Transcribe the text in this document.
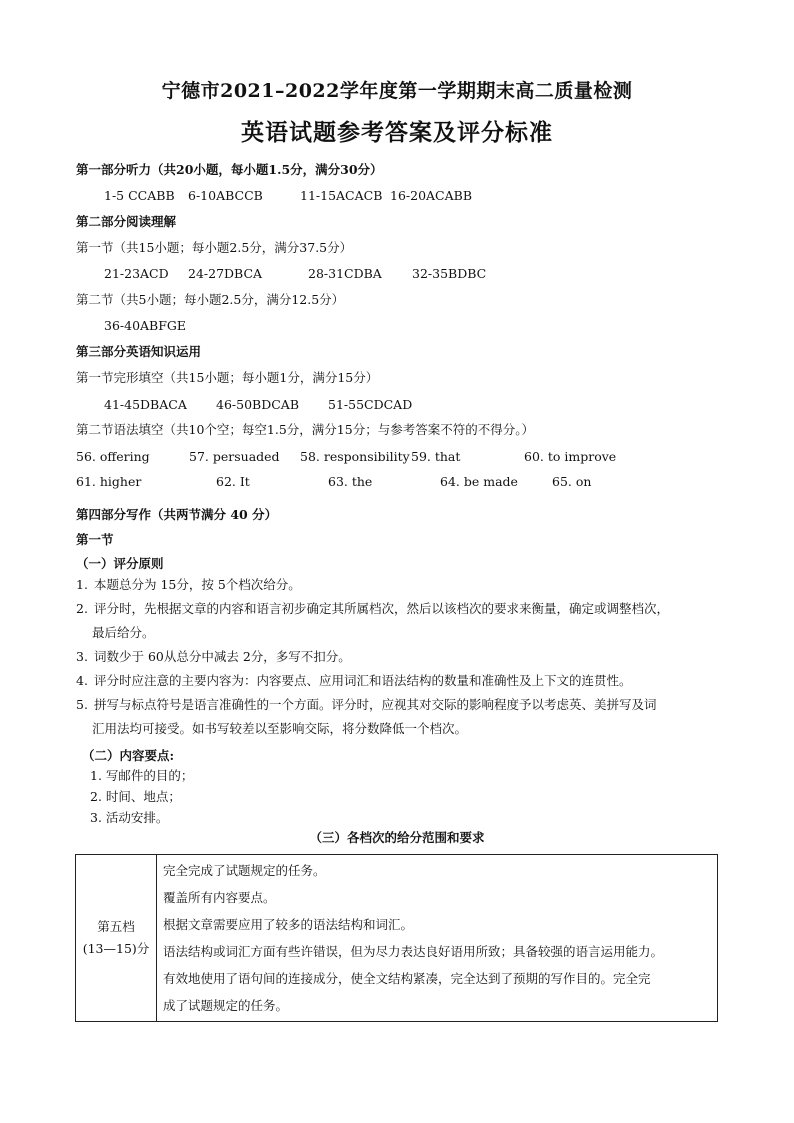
宁德市2021–2022学年度第一学期期末高二质量检测
英语试题参考答案及评分标准
第一部分听力（共20小题，每小题1.5分，满分30分）
1-5 CCABB 6-10ABCCB	11-15ACACB 16-20ACABB
第二部分阅读理解
第一节（共15小题；每小题2.5分，满分37.5分）
21-23ACD 24-27DBCA	28-31CDBA 32-35BDBC
第二节（共5小题；每小题2.5分，满分12.5分）
36-40ABFGE
第三部分英语知识运用
第一节完形填空（共15小题；每小题1分，满分15分）
41-45DBACA 46-50BDCAB 51-55CDCAD
第二节语法填空（共10个空；每空1.5分，满分15分；与参考答案不符的不得分。）
56. offering	57. persuaded 58. responsibility 59. that	60. to improve
61. higher	62. It	63. the	64. be made	65. on
第四部分写作（共两节满分 40 分）
第一节
（一）评分原则
1. 本题总分为 15分，按 5个档次给分。
2. 评分时，先根据文章的内容和语言初步确定其所属档次，然后以该档次的要求来衡量，确定或调整档次，
最后给分。
3. 词数少于 60从总分中减去 2分，多写不扣分。
4. 评分时应注意的主要内容为：内容要点、应用词汇和语法结构的数量和准确性及上下文的连贯性。
5. 拼写与标点符号是语言准确性的一个方面。评分时，应视其对交际的影响程度予以考虑英、美拼写及词
汇用法均可接受。如书写较差以至影响交际，将分数降低一个档次。
（二）内容要点:
1. 写邮件的目的；
2. 时间、地点；
3. 活动安排。
（三）各档次的给分范围和要求
第五档
(13—15)分

完全完成了试题规定的任务。
覆盖所有内容要点。
根据文章需要应用了较多的语法结构和词汇。
语法结构或词汇方面有些许错误，但为尽力表达良好语用所致；具备较强的语言运用能力。
有效地使用了语句间的连接成分，使全文结构紧凑，完全达到了预期的写作目的。完全完
成了试题规定的任务。
